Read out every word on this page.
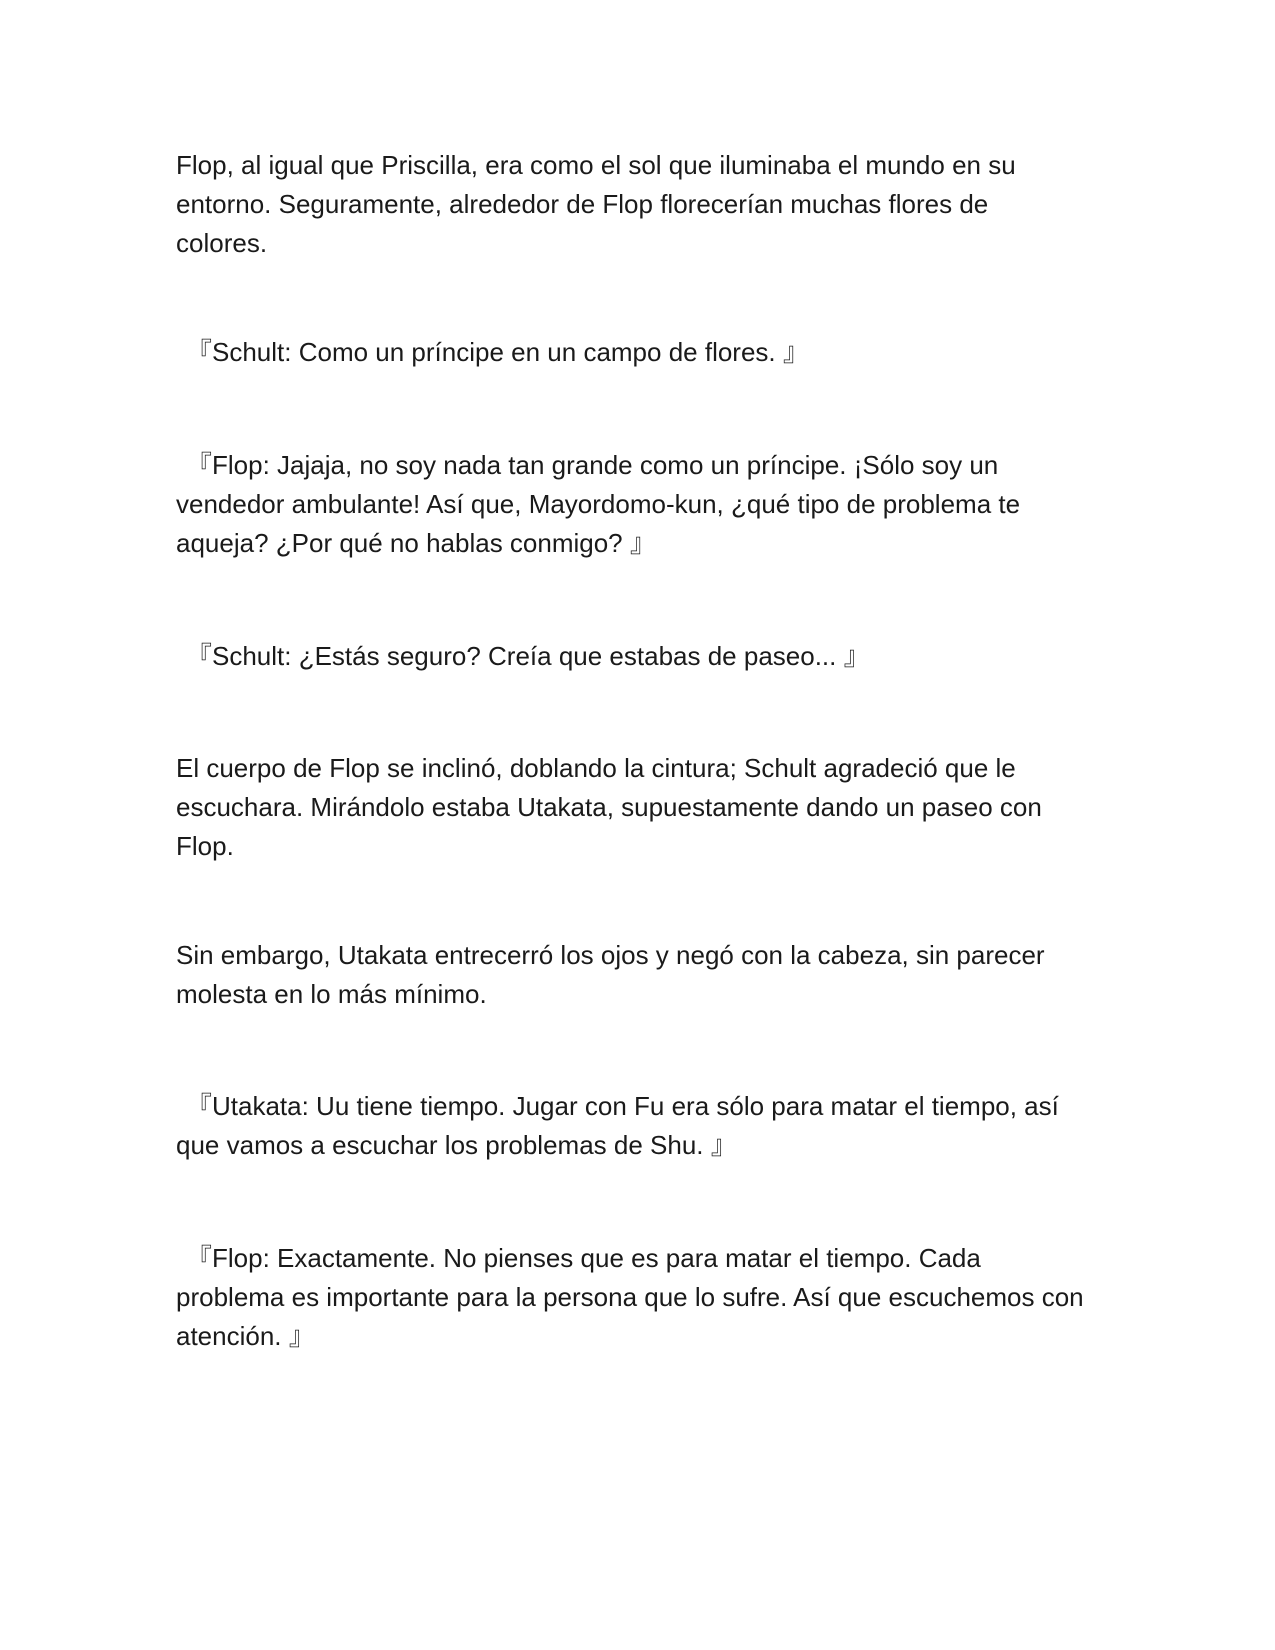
Flop, al igual que Priscilla, era como el sol que iluminaba el mundo en su entorno. Seguramente, alrededor de Flop florecerían muchas flores de colores.

『Schult: Como un príncipe en un campo de flores. 』

『Flop: Jajaja, no soy nada tan grande como un príncipe. ¡Sólo soy un vendedor ambulante! Así que, Mayordomo-kun, ¿qué tipo de problema te aqueja? ¿Por qué no hablas conmigo? 』

『Schult: ¿Estás seguro? Creía que estabas de paseo... 』

El cuerpo de Flop se inclinó, doblando la cintura; Schult agradeció que le escuchara. Mirándolo estaba Utakata, supuestamente dando un paseo con Flop.

Sin embargo, Utakata entrecerró los ojos y negó con la cabeza, sin parecer molesta en lo más mínimo.

『Utakata: Uu tiene tiempo. Jugar con Fu era sólo para matar el tiempo, así que vamos a escuchar los problemas de Shu. 』

『Flop: Exactamente. No pienses que es para matar el tiempo. Cada problema es importante para la persona que lo sufre. Así que escuchemos con atención. 』
